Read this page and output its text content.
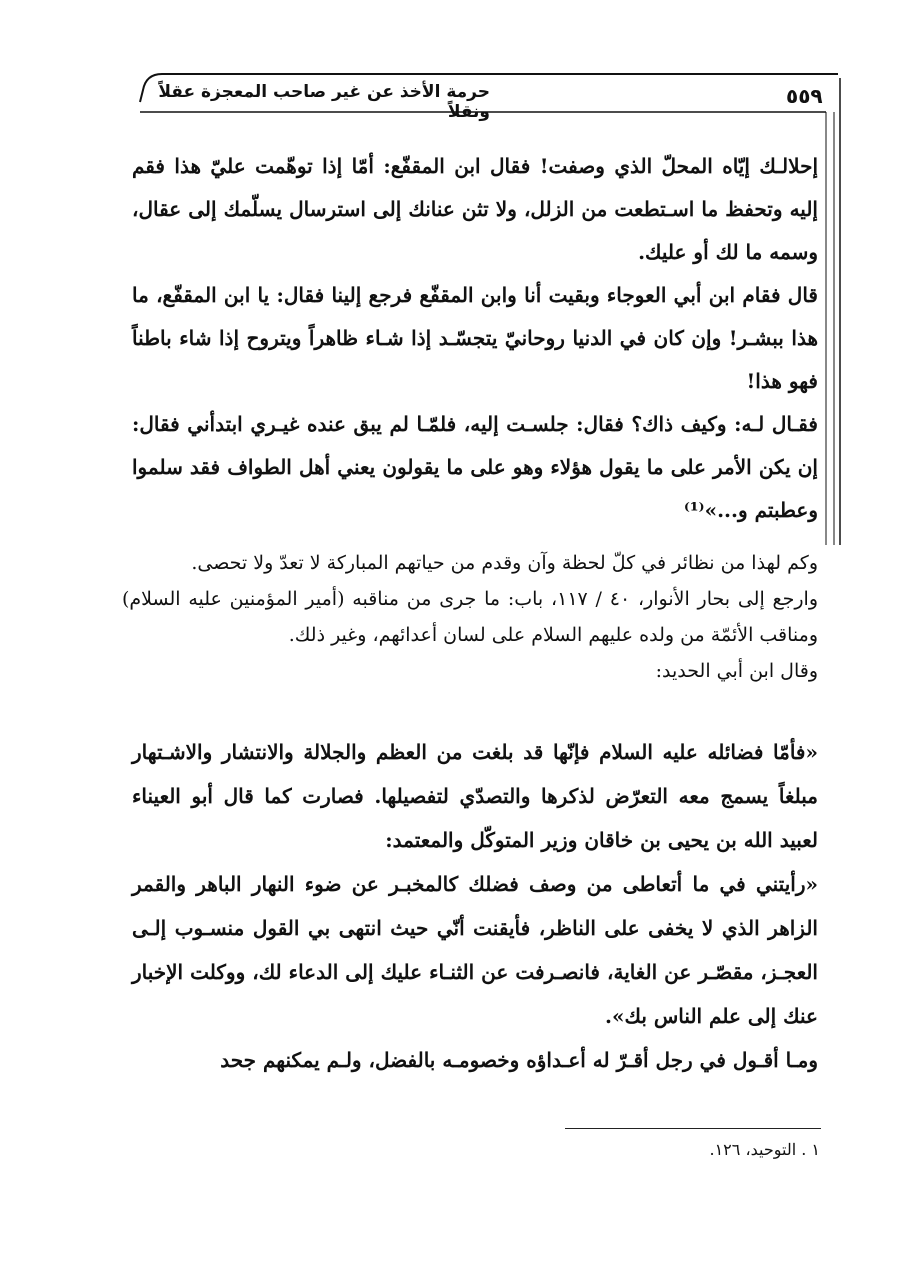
٥٥٩
حرمة الأخذ عن غير صاحب المعجزة عقلاً ونقلاً

إحلالـك إيّاه المحلّ الذي وصفت! فقال ابن المقفّع: أمّا إذا توهّمت عليّ هذا فقم إليه وتحفظ ما اسـتطعت من الزلل، ولا تثن عنانك إلى استرسال يسلّمك إلى عقال، وسمه ما لك أو عليك.

قال فقام ابن أبي العوجاء وبقيت أنا وابن المقفّع فرجع إلينا فقال: يا ابن المقفّع، ما هذا ببشـر! وإن كان في الدنيا روحانيّ يتجسّـد إذا شـاء ظاهراً ويتروح إذا شاء باطناً فهو هذا!

فقـال لـه: وكيف ذاك؟ فقال: جلسـت إليه، فلمّـا لم يبق عنده غيـري ابتدأني فقال: إن يكن الأمر على ما يقول هؤلاء وهو على ما يقولون يعني أهل الطواف فقد سلموا وعطبتم و...»⁽¹⁾

وكم لهذا من نظائر في كلّ لحظة وآن وقدم من حياتهم المباركة لا تعدّ ولا تحصى.

وارجع إلى بحار الأنوار، ٤٠ / ١١٧، باب: ما جرى من مناقبه (أمير المؤمنين عليه السلام) ومناقب الأئمّة من ولده عليهم السلام على لسان أعدائهم، وغير ذلك.

وقال ابن أبي الحديد:

«فأمّا فضائله عليه السلام فإنّها قد بلغت من العظم والجلالة والانتشار والاشـتهار مبلغاً يسمج معه التعرّض لذكرها والتصدّي لتفصيلها. فصارت كما قال أبو العيناء لعبيد الله بن يحيى بن خاقان وزير المتوكّل والمعتمد:

«رأيتني في ما أتعاطى من وصف فضلك كالمخبـر عن ضوء النهار الباهر والقمر الزاهر الذي لا يخفى على الناظر، فأيقنت أنّي حيث انتهى بي القول منسـوب إلـى العجـز، مقصّـر عن الغاية، فانصـرفت عن الثنـاء عليك إلى الدعاء لك، ووكلت الإخبار عنك إلى علم الناس بك».

ومـا أقـول في رجل أقـرّ له أعـداؤه وخصومـه بالفضل، ولـم يمكنهم جحد

١ . التوحيد، ١٢٦.
